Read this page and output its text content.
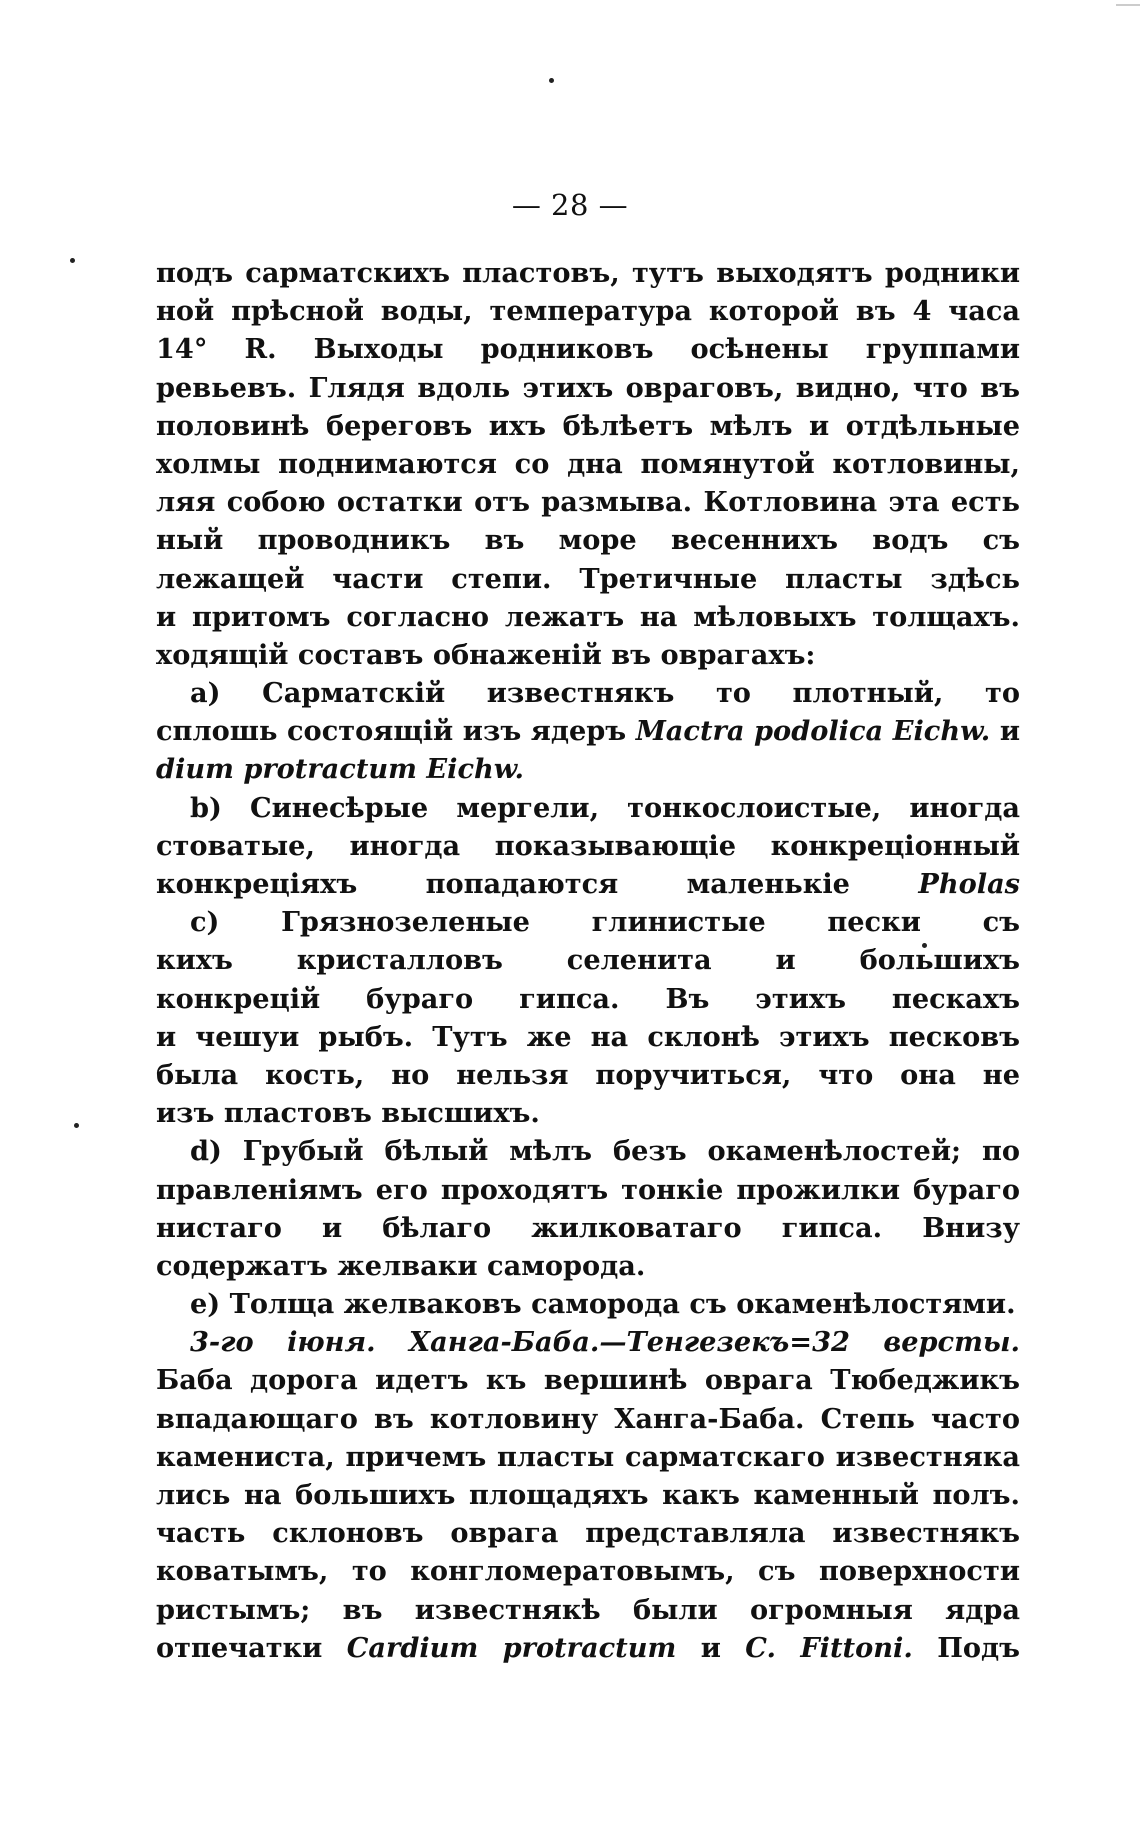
— 28 —
подъ сарматскихъ пластовъ, тутъ выходятъ родники
ной прѣсной воды, температура которой въ 4 часа
14° R. Выходы родниковъ осѣнены группами
ревьевъ. Глядя вдоль этихъ овраговъ, видно, что въ
половинѣ береговъ ихъ бѣлѣетъ мѣлъ и отдѣльные
холмы поднимаются со дна помянутой котловины,
ляя собою остатки отъ размыва. Котловина эта есть
ный проводникъ въ море весеннихъ водъ съ
лежащей части степи. Третичные пласты здѣсь
и притомъ согласно лежатъ на мѣловыхъ толщахъ.
ходящій составъ обнаженій въ оврагахъ:
a) Сарматскій известнякъ то плотный, то
сплошь состоящій изъ ядеръ Mactra podolica Eichw. и
dium protractum Eichw.
b) Синесѣрые мергели, тонкослоистые, иногда
стоватые, иногда показывающіе конкреціонный
конкреціяхъ попадаются маленькіе Pholas
c) Грязнозеленые глинистые пески съ
кихъ кристалловъ селенита и большихъ
конкрецій бураго гипса. Въ этихъ пескахъ
и чешуи рыбъ. Тутъ же на склонѣ этихъ песковъ
была кость, но нельзя поручиться, что она не
изъ пластовъ высшихъ.
d) Грубый бѣлый мѣлъ безъ окаменѣлостей; по
правленіямъ его проходятъ тонкіе прожилки бураго
нистаго и бѣлаго жилковатаго гипса. Внизу
содержатъ желваки самородa.
e) Толща желваковъ самородa съ окаменѣлостями.
3-го іюня. Ханга-Баба.—Тенгезекъ=32 версты.
Баба дорога идетъ къ вершинѣ оврага Тюбеджикъ
впадающаго въ котловину Ханга-Баба. Степь часто
камениста, причемъ пласты сарматскаго известняка
лись на большихъ площадяхъ какъ каменный полъ.
часть склоновъ оврага представляла известнякъ
коватымъ, то конгломератовымъ, съ поверхности
ристымъ; въ известнякѣ были огромныя ядра
отпечатки Cardium protractum и C. Fittoni. Подъ
